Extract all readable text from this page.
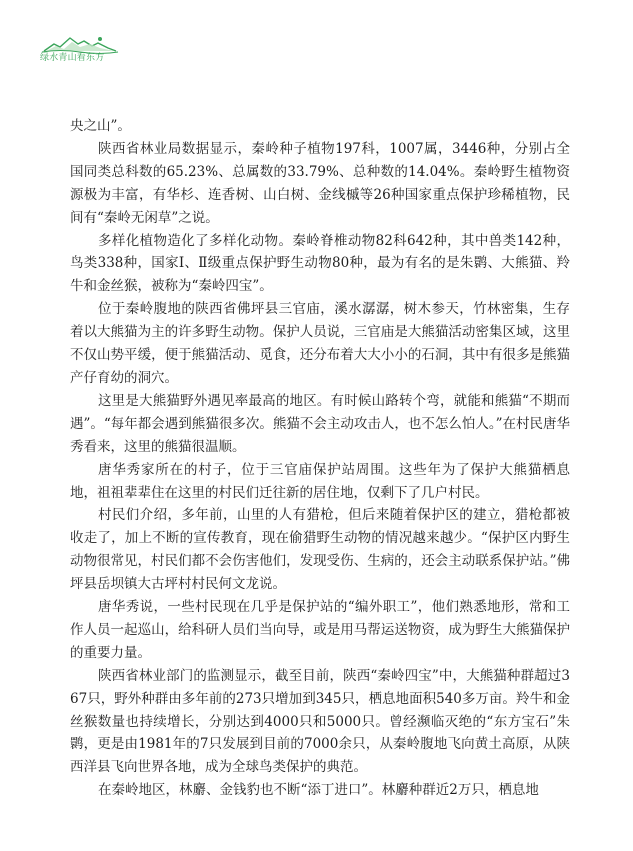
绿水青山看东方

央之山”。

陕西省林业局数据显示，秦岭种子植物197科，1007属，3446种，分别占全国同类总科数的65.23%、总属数的33.79%、总种数的14.04%。秦岭野生植物资源极为丰富，有华杉、连香树、山白树、金线槭等26种国家重点保护珍稀植物，民间有“秦岭无闲草”之说。

多样化植物造化了多样化动物。秦岭脊椎动物82科642种，其中兽类142种，鸟类338种，国家Ⅰ、Ⅱ级重点保护野生动物80种，最为有名的是朱鹮、大熊猫、羚牛和金丝猴，被称为“秦岭四宝”。

位于秦岭腹地的陕西省佛坪县三官庙，溪水潺潺，树木参天，竹林密集，生存着以大熊猫为主的许多野生动物。保护人员说，三官庙是大熊猫活动密集区域，这里不仅山势平缓，便于熊猫活动、觅食，还分布着大大小小的石洞，其中有很多是熊猫产仔育幼的洞穴。

这里是大熊猫野外遇见率最高的地区。有时候山路转个弯，就能和熊猫“不期而遇”。“每年都会遇到熊猫很多次。熊猫不会主动攻击人，也不怎么怕人。”在村民唐华秀看来，这里的熊猫很温顺。

唐华秀家所在的村子，位于三官庙保护站周围。这些年为了保护大熊猫栖息地，祖祖辈辈住在这里的村民们迁往新的居住地，仅剩下了几户村民。

村民们介绍，多年前，山里的人有猎枪，但后来随着保护区的建立，猎枪都被收走了，加上不断的宣传教育，现在偷猎野生动物的情况越来越少。“保护区内野生动物很常见，村民们都不会伤害他们，发现受伤、生病的，还会主动联系保护站。”佛坪县岳坝镇大古坪村村民何文龙说。

唐华秀说，一些村民现在几乎是保护站的“编外职工”，他们熟悉地形，常和工作人员一起巡山，给科研人员们当向导，或是用马帮运送物资，成为野生大熊猫保护的重要力量。

陕西省林业部门的监测显示，截至目前，陕西“秦岭四宝”中，大熊猫种群超过367只，野外种群由多年前的273只增加到345只，栖息地面积540多万亩。羚牛和金丝猴数量也持续增长，分别达到4000只和5000只。曾经濒临灭绝的“东方宝石”朱鹮，更是由1981年的7只发展到目前的7000余只，从秦岭腹地飞向黄土高原，从陕西洋县飞向世界各地，成为全球鸟类保护的典范。

在秦岭地区，林麝、金钱豹也不断“添丁进口”。林麝种群近2万只，栖息地
